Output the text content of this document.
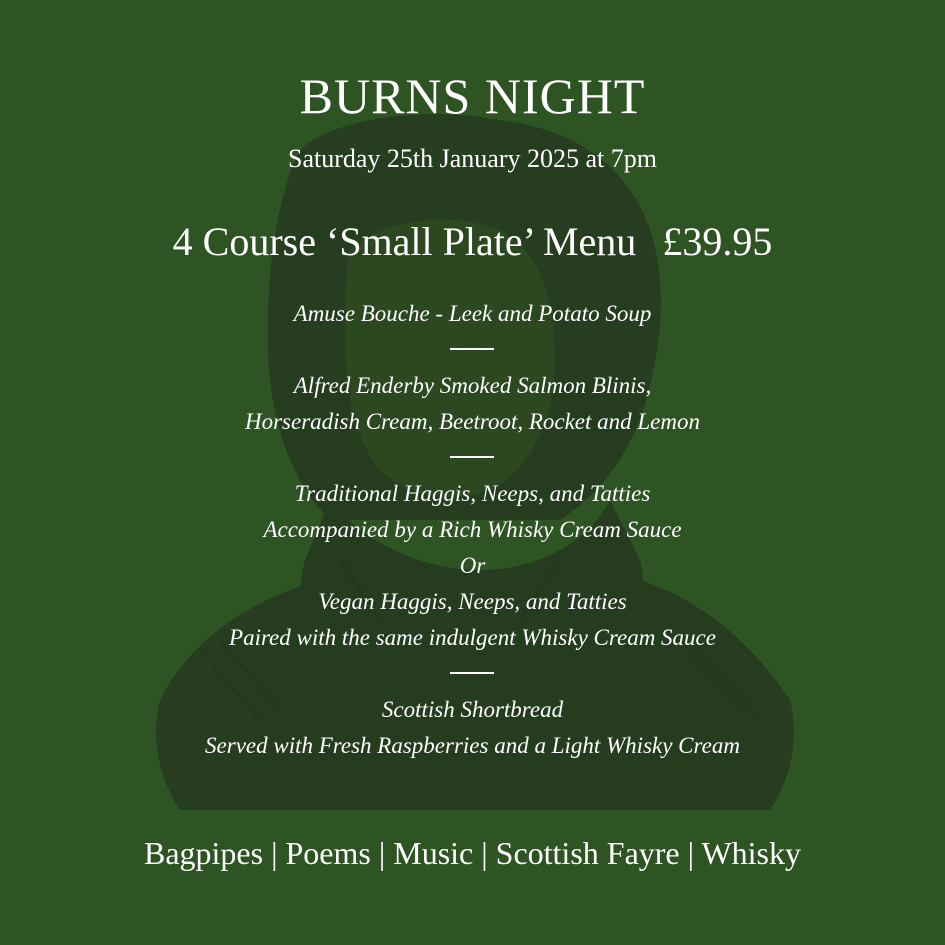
BURNS NIGHT
Saturday 25th January 2025 at 7pm
4 Course ‘Small Plate’ Menu £39.95
Amuse Bouche - Leek and Potato Soup
Alfred Enderby Smoked Salmon Blinis,
Horseradish Cream, Beetroot, Rocket and Lemon
Traditional Haggis, Neeps, and Tatties
Accompanied by a Rich Whisky Cream Sauce
Or
Vegan Haggis, Neeps, and Tatties
Paired with the same indulgent Whisky Cream Sauce
Scottish Shortbread
Served with Fresh Raspberries and a Light Whisky Cream
Bagpipes | Poems | Music | Scottish Fayre | Whisky
